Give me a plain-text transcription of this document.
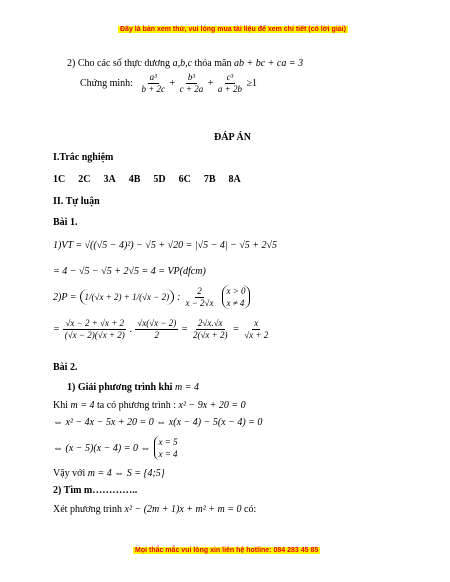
Đây là bản xem thử, vui lòng mua tài liệu để xem chi tiết (có lời giải)
2) Cho các số thực dương a,b,c thỏa mãn ab + bc + ca = 3
Chứng minh: $\frac{\text{a³}}{b + 2c} + \frac{\text{b³}}{c + 2a} + \frac{\text{c³}}{a + 2b} \ge 1$
ĐÁP ÁN
I.Trắc nghiệm
1C 2C 3A 4B 5D 6C 7B 8A
II. Tự luận
Bài 1.
1)VT = √((√5 − 4)²) − √5 + √20 = |√5 − 4| − √5 + 2√5
= 4 − √5 − √5 + 2√5 = 4 = VP(dfcm)
2)P = 1/(√x + 2) + 1/(√x − 2) : $\frac{2}{x - 2√x}$ x > 0
x ≠ 4
= $\frac{√x - 2 + √x + 2}{(√x - 2)(√x + 2)}$ . $\frac{√x(√x - 2)}{2} = \frac{2√x.√x}{2(√x + 2)} = \frac{x}{√x + 2}$
Bài 2.
1) Giải phương trình khi m = 4
Khi m = 4 ta có phương trình : x² − 9x + 20 = 0
⇔ x² − 4x − 5x + 20 = 0 ⇔ x(x − 4) − 5(x − 4) = 0
⇔ (x − 5)(x − 4) = 0 ⇔
x = 5
x = 4
Vậy với m = 4 ⇔ S = {4;5}
2) Tìm m…………..
Xét phương trình x² − (2m + 1)x + m² + m = 0 có:
Mọi thắc mắc vui lòng xin liên hệ hotline: 084 283 45 85
